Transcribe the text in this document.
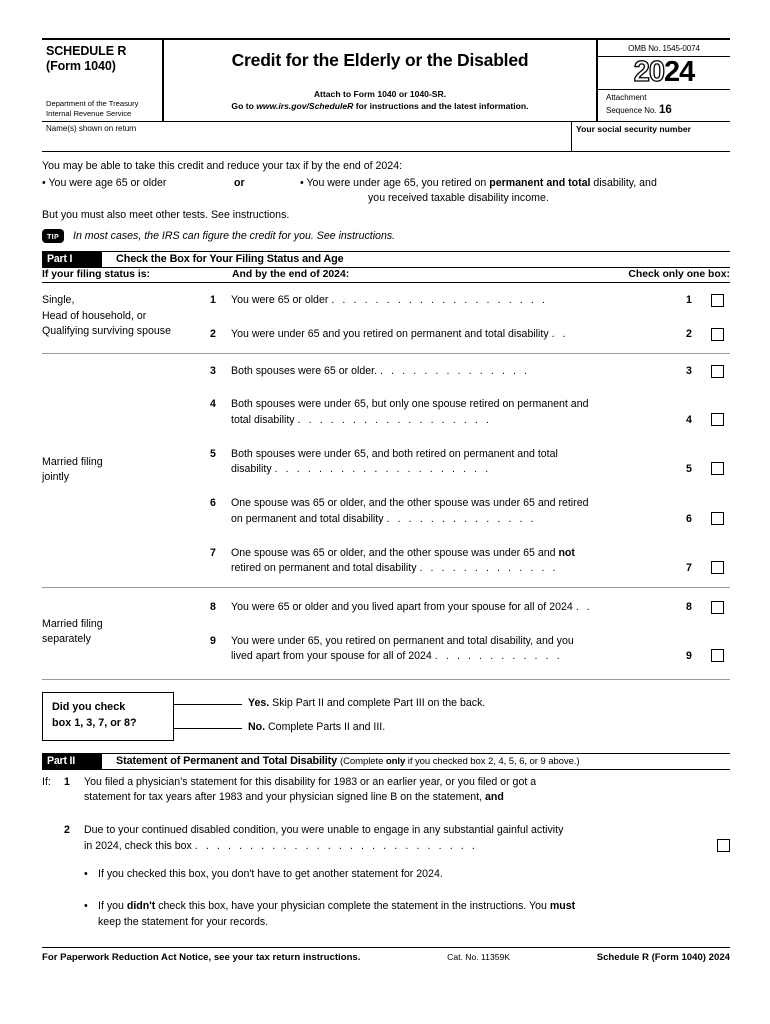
SCHEDULE R
(Form 1040)
Department of the Treasury
Internal Revenue Service
Credit for the Elderly or the Disabled
Attach to Form 1040 or 1040-SR.
Go to www.irs.gov/ScheduleR for instructions and the latest information.
OMB No. 1545-0074
2024
Attachment
Sequence No. 16
Name(s) shown on return	Your social security number
You may be able to take this credit and reduce your tax if by the end of 2024:
• You were age 65 or older	or	• You were under age 65, you retired on permanent and total disability, and
you received taxable disability income.
But you must also meet other tests. See instructions.
TIP	In most cases, the IRS can figure the credit for you. See instructions.
Part I	Check the Box for Your Filing Status and Age
If your filing status is:	And by the end of 2024:	Check only one box:
Single,
Head of household, or
Qualifying surviving spouse
1	You were 65 or older . . . . . . . . . . . . . . . . . . . .	1
2	You were under 65 and you retired on permanent and total disability . .	2
Married filing
jointly
3	Both spouses were 65 or older. . . . . . . . . . . . . . .	3
4	Both spouses were under 65, but only one spouse retired on permanent and
total disability . . . . . . . . . . . . . . . . . .	4
5	Both spouses were under 65, and both retired on permanent and total
disability . . . . . . . . . . . . . . . . . . . .	5
6	One spouse was 65 or older, and the other spouse was under 65 and retired
on permanent and total disability . . . . . . . . . . . . . .	6
7	One spouse was 65 or older, and the other spouse was under 65 and not
retired on permanent and total disability . . . . . . . . . . . . .	7
Married filing
separately
8	You were 65 or older and you lived apart from your spouse for all of 2024 . .	8
9	You were under 65, you retired on permanent and total disability, and you
lived apart from your spouse for all of 2024 . . . . . . . . . . . .	9
Did you check
box 1, 3, 7, or 8?
Yes. Skip Part II and complete Part III on the back.
No. Complete Parts II and III.
Part II	Statement of Permanent and Total Disability (Complete only if you checked box 2, 4, 5, 6, or 9 above.)
If:	1	You filed a physician's statement for this disability for 1983 or an earlier year, or you filed or got a
statement for tax years after 1983 and your physician signed line B on the statement, and
2	Due to your continued disabled condition, you were unable to engage in any substantial gainful activity
in 2024, check this box . . . . . . . . . . . . . . . . . . . . . . . . . .
• If you checked this box, you don't have to get another statement for 2024.
• If you didn't check this box, have your physician complete the statement in the instructions. You must
keep the statement for your records.
For Paperwork Reduction Act Notice, see your tax return instructions.	Cat. No. 11359K	Schedule R (Form 1040) 2024
